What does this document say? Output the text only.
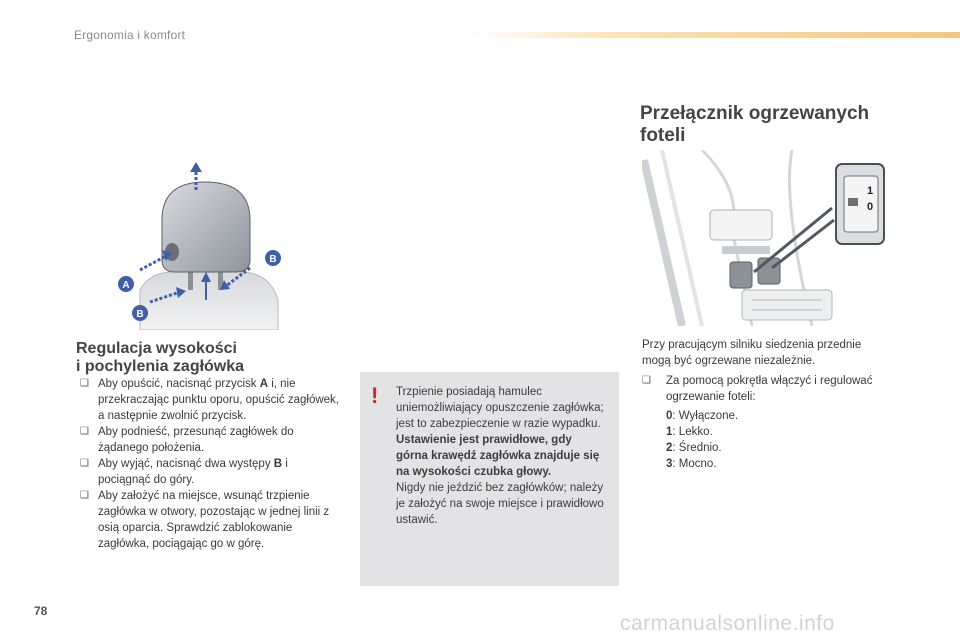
Ergonomia i komfort
A
B
B
Regulacja wysokości
i pochylenia zagłówka
❑ Aby opuścić, nacisnąć przycisk A i, nie przekraczając punktu oporu, opuścić zagłówek, a następnie zwolnić przycisk.
❑ Aby podnieść, przesunąć zagłówek do żądanego położenia.
❑ Aby wyjąć, nacisnąć dwa występy B i pociągnąć do góry.
❑ Aby założyć na miejsce, wsunąć trzpienie zagłówka w otwory, pozostając w jednej linii z osią oparcia. Sprawdzić zablokowanie zagłówka, pociągając go w górę.
! Trzpienie posiadają hamulec uniemożliwiający opuszczenie zagłówka; jest to zabezpieczenie w razie wypadku.
Ustawienie jest prawidłowe, gdy górna krawędź zagłówka znajduje się na wysokości czubka głowy.
Nigdy nie jeździć bez zagłówków; należy je założyć na swoje miejsce i prawidłowo ustawić.
Przełącznik ogrzewanych
foteli
1
0
Przy pracującym silniku siedzenia przednie mogą być ogrzewane niezależnie.
❑ Za pomocą pokrętła włączyć i regulować ogrzewanie foteli:
0: Wyłączone.
1: Lekko.
2: Średnio.
3: Mocno.
78
carmanualsonline.info
